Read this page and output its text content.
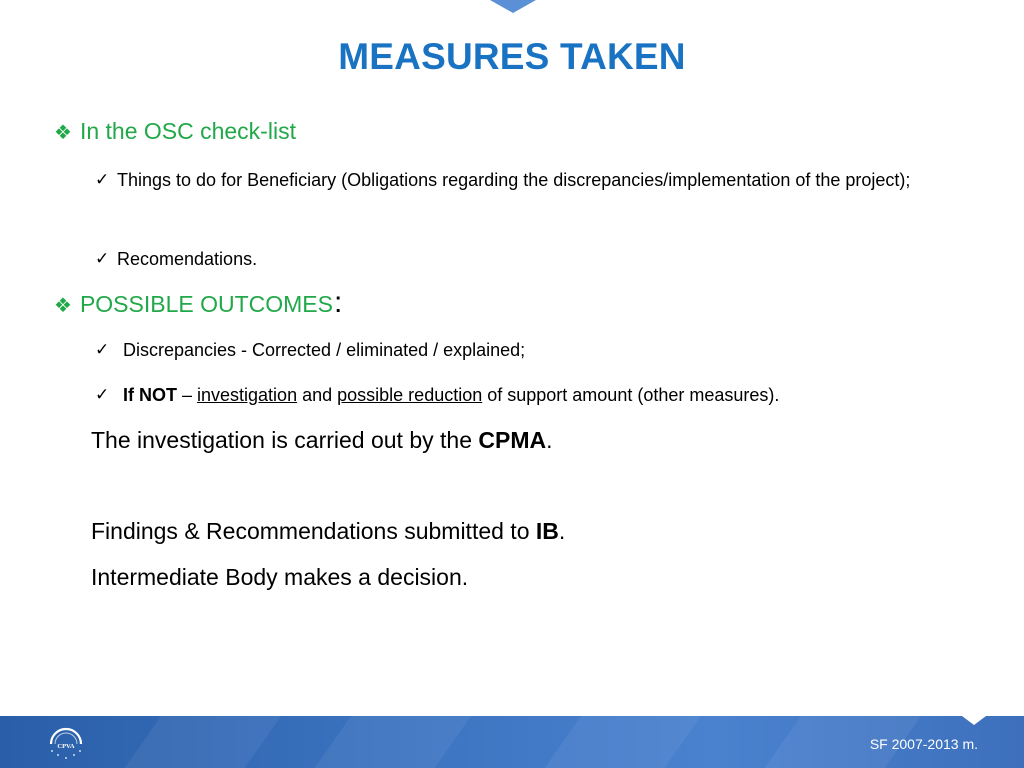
MEASURES TAKEN
❖ In the OSC check-list
✓ Things to do for Beneficiary (Obligations regarding the discrepancies/implementation of the project);
✓ Recomendations.
❖ POSSIBLE OUTCOMES :
✓ Discrepancies - Corrected / eliminated / explained;
✓ If NOT – investigation and possible reduction of support amount (other measures).
The investigation is carried out by the CPMA.
Findings & Recommendations submitted to IB.
Intermediate Body makes a decision.
CPVA	SF 2007-2013 m.
